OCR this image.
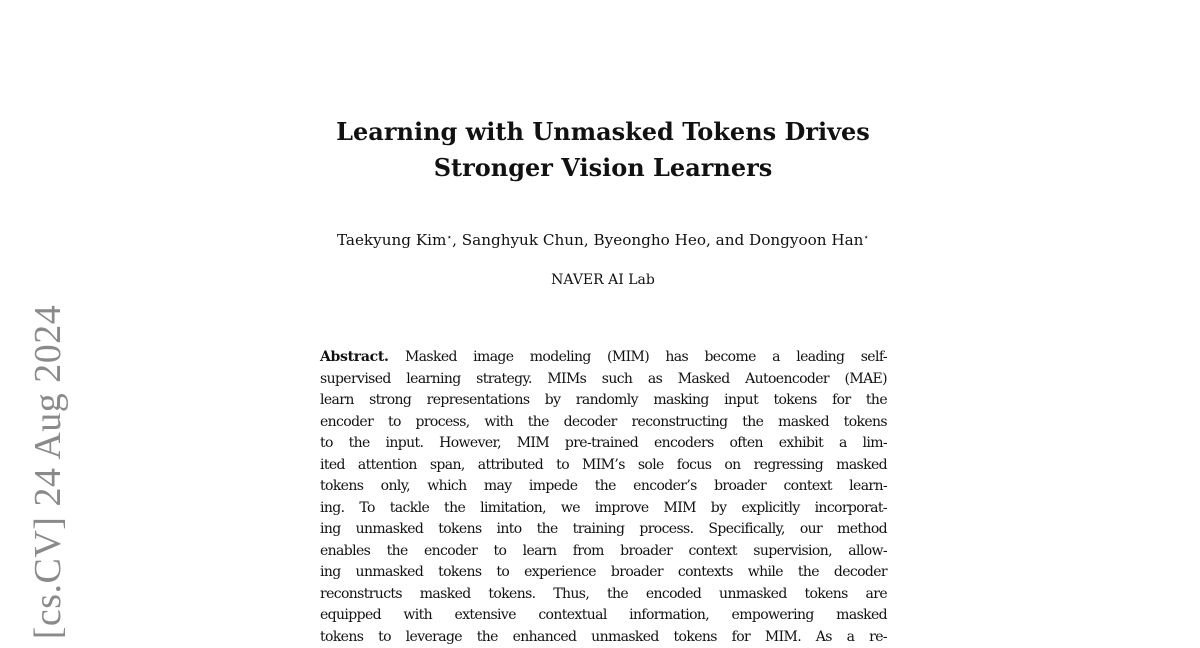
[cs.CV] 24 Aug 2024
Learning with Unmasked Tokens Drives
Stronger Vision Learners
Taekyung Kim⋆, Sanghyuk Chun, Byeongho Heo, and Dongyoon Han⋆
NAVER AI Lab
Abstract. Masked image modeling (MIM) has become a leading self-
supervised learning strategy. MIMs such as Masked Autoencoder (MAE)
learn strong representations by randomly masking input tokens for the
encoder to process, with the decoder reconstructing the masked tokens
to the input. However, MIM pre-trained encoders often exhibit a lim-
ited attention span, attributed to MIM’s sole focus on regressing masked
tokens only, which may impede the encoder’s broader context learn-
ing. To tackle the limitation, we improve MIM by explicitly incorporat-
ing unmasked tokens into the training process. Specifically, our method
enables the encoder to learn from broader context supervision, allow-
ing unmasked tokens to experience broader contexts while the decoder
reconstructs masked tokens. Thus, the encoded unmasked tokens are
equipped with extensive contextual information, empowering masked
tokens to leverage the enhanced unmasked tokens for MIM. As a re-
